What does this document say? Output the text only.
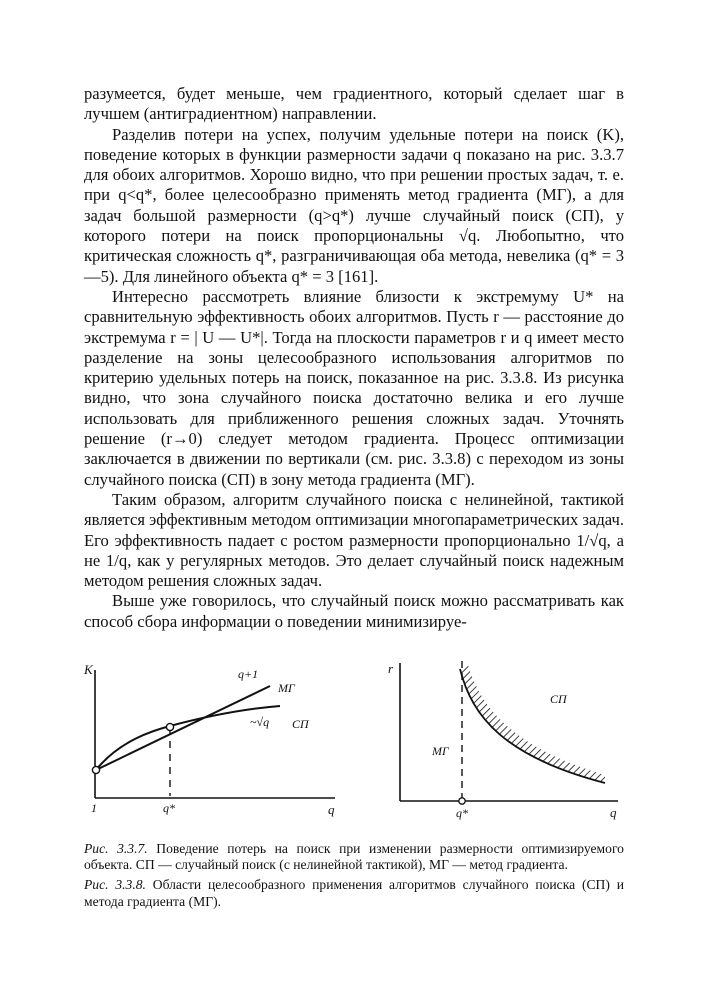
разумеется, будет меньше, чем градиентного, который сделает шаг в лучшем (антиградиентном) направлении.

Разделив потери на успех, получим удельные потери на поиск (K), поведение которых в функции размерности задачи q показано на рис. 3.3.7 для обоих алгоритмов. Хорошо видно, что при решении простых задач, т. е. при q<q*, более целесообразно применять метод градиента (МГ), а для задач большой размерности (q>q*) лучше случайный поиск (СП), у которого потери на поиск пропорциональны √q. Любопытно, что критическая сложность q*, разграничивающая оба метода, невелика (q* = 3—5). Для линейного объекта q* = 3 [161].

Интересно рассмотреть влияние близости к экстремуму U* на сравнительную эффективность обоих алгоритмов. Пусть r — расстояние до экстремума r = | U — U*|. Тогда на плоскости параметров r и q имеет место разделение на зоны целесообразного использования алгоритмов по критерию удельных потерь на поиск, показанное на рис. 3.3.8. Из рисунка видно, что зона случайного поиска достаточно велика и его лучше использовать для приближенного решения сложных задач. Уточнять решение (r→0) следует методом градиента. Процесс оптимизации заключается в движении по вертикали (см. рис. 3.3.8) с переходом из зоны случайного поиска (СП) в зону метода градиента (МГ).

Таким образом, алгоритм случайного поиска с нелинейной, тактикой является эффективным методом оптимизации многопараметрических задач. Его эффективность падает с ростом размерности пропорционально 1/√q, а не 1/q, как у регулярных методов. Это делает случайный поиск надежным методом решения сложных задач.

Выше уже говорилось, что случайный поиск можно рассматривать как способ сбора информации о поведении минимизируе-

K
q
1	q*
q+1
МГ
~√q СП
r
q
q*
МГ
СП

Рис. 3.3.7. Поведение потерь на поиск при изменении размерности оптимизируемого объекта. СП — случайный поиск (с нелинейной тактикой), МГ — метод градиента.

Рис. 3.3.8. Области целесообразного применения алгоритмов случайного поиска (СП) и метода градиента (МГ).
